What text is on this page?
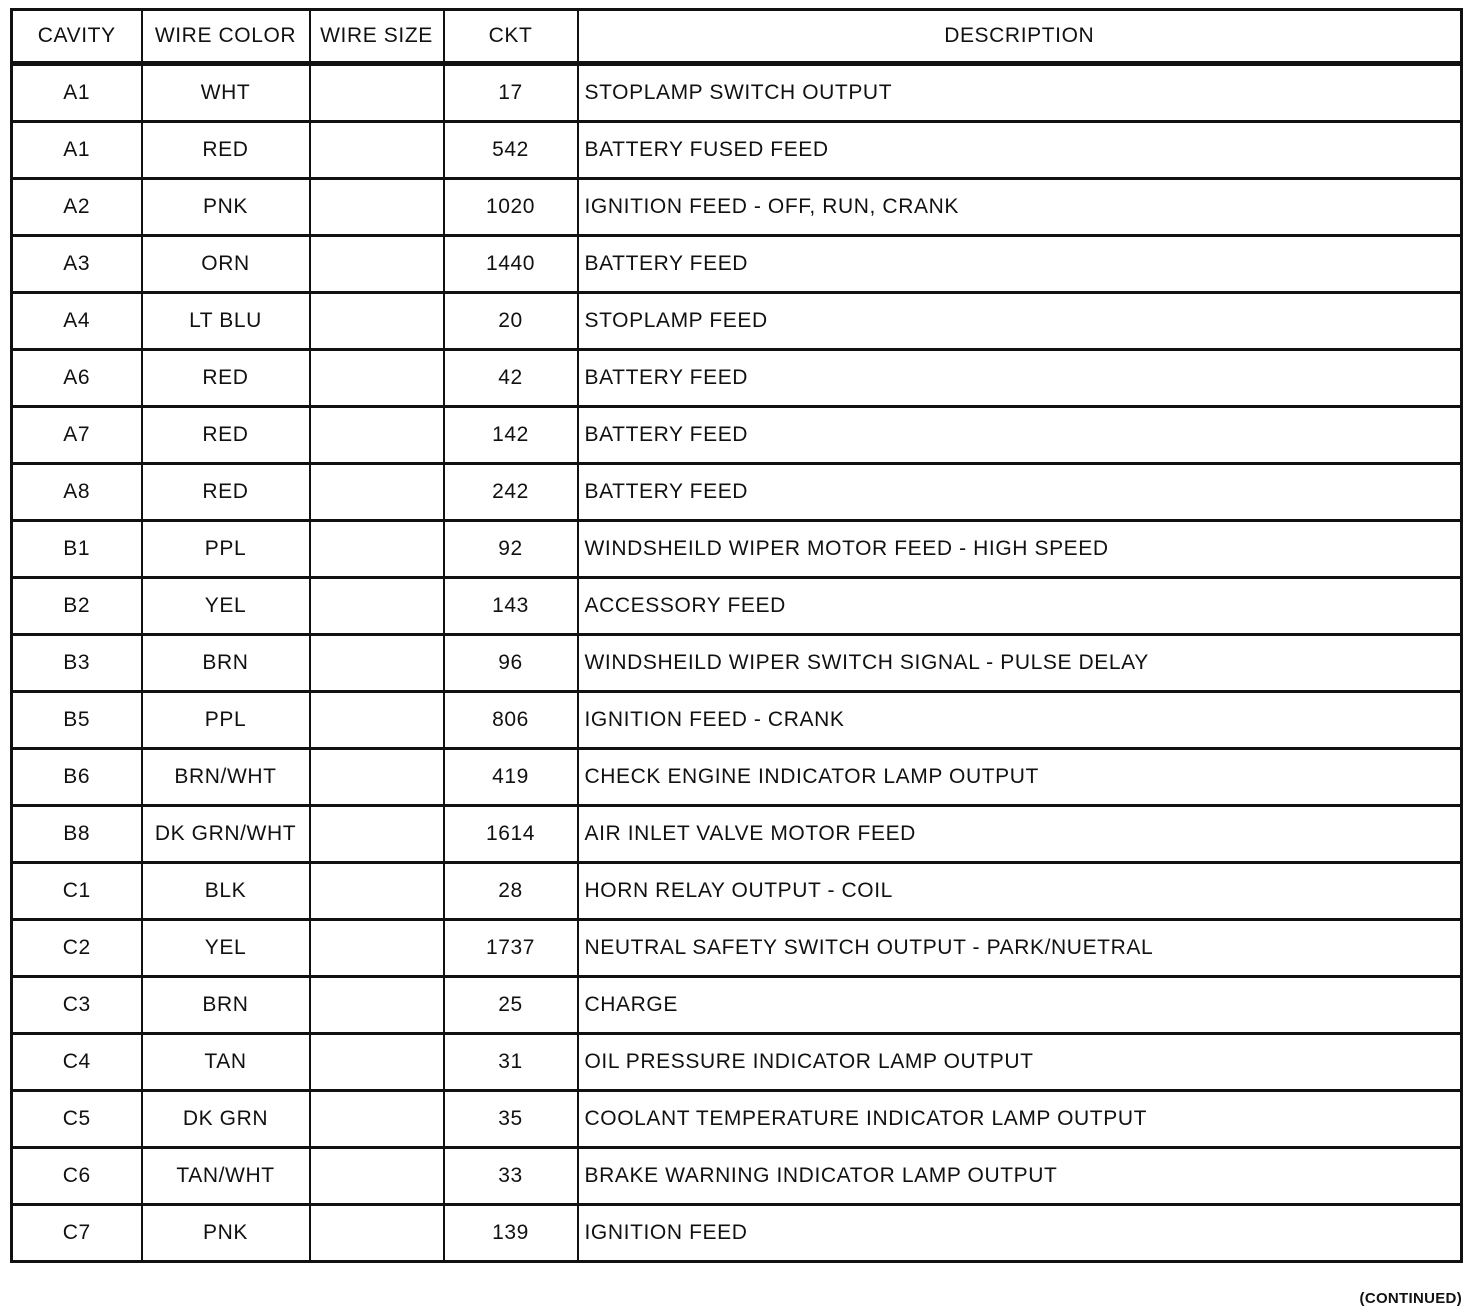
CAVITY	WIRE COLOR	WIRE SIZE	CKT	DESCRIPTION
A1	WHT		17	STOPLAMP SWITCH OUTPUT
A1	RED		542	BATTERY FUSED FEED
A2	PNK		1020	IGNITION FEED - OFF, RUN, CRANK
A3	ORN		1440	BATTERY FEED
A4	LT BLU		20	STOPLAMP FEED
A6	RED		42	BATTERY FEED
A7	RED		142	BATTERY FEED
A8	RED		242	BATTERY FEED
B1	PPL		92	WINDSHEILD WIPER MOTOR FEED - HIGH SPEED
B2	YEL		143	ACCESSORY FEED
B3	BRN		96	WINDSHEILD WIPER SWITCH SIGNAL - PULSE DELAY
B5	PPL		806	IGNITION FEED - CRANK
B6	BRN/WHT		419	CHECK ENGINE INDICATOR LAMP OUTPUT
B8	DK GRN/WHT		1614	AIR INLET VALVE MOTOR FEED
C1	BLK		28	HORN RELAY OUTPUT - COIL
C2	YEL		1737	NEUTRAL SAFETY SWITCH OUTPUT - PARK/NUETRAL
C3	BRN		25	CHARGE
C4	TAN		31	OIL PRESSURE INDICATOR LAMP OUTPUT
C5	DK GRN		35	COOLANT TEMPERATURE INDICATOR LAMP OUTPUT
C6	TAN/WHT		33	BRAKE WARNING INDICATOR LAMP OUTPUT
C7	PNK		139	IGNITION FEED
(CONTINUED)
